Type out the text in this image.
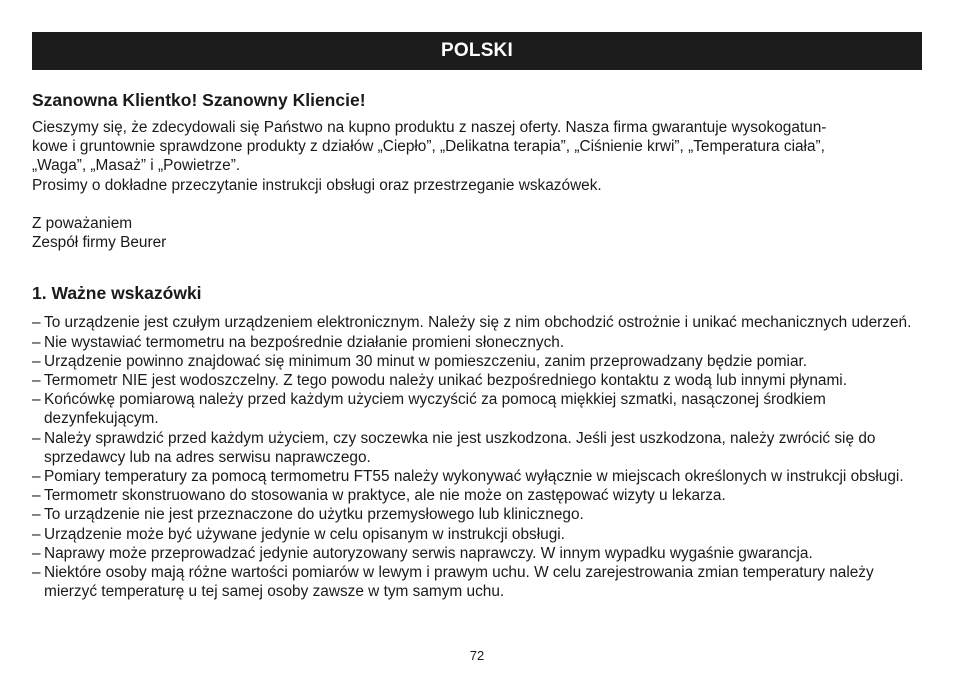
POLSKI
Szanowna Klientko! Szanowny Kliencie!

Cieszymy się, że zdecydowali się Państwo na kupno produktu z naszej oferty. Nasza firma gwarantuje wysokogatun-

kowe i gruntownie sprawdzone produkty z działów „Ciepło”, „Delikatna terapia”, „Ciśnienie krwi”, „Temperatura ciała”,

„Waga”, „Masaż” i „Powietrze”.

Prosimy o dokładne przeczytanie instrukcji obsługi oraz przestrzeganie wskazówek.

Z poważaniem

Zespół firmy Beurer

1. Ważne wskazówki
– To urządzenie jest czułym urządzeniem elektronicznym. Należy się z nim obchodzić ostrożnie i unikać mechanicznych uderzeń.
– Nie wystawiać termometru na bezpośrednie działanie promieni słonecznych.
– Urządzenie powinno znajdować się minimum 30 minut w pomieszczeniu, zanim przeprowadzany będzie pomiar.
– Termometr NIE jest wodoszczelny. Z tego powodu należy unikać bezpośredniego kontaktu z wodą lub innymi płynami.
– Końcówkę pomiarową należy przed każdym użyciem wyczyścić za pomocą miękkiej szmatki, nasączonej środkiem dezynfekującym.
– Należy sprawdzić przed każdym użyciem, czy soczewka nie jest uszkodzona. Jeśli jest uszkodzona, należy zwrócić się do sprzedawcy lub na adres serwisu naprawczego.
– Pomiary temperatury za pomocą termometru FT55 należy wykonywać wyłącznie w miejscach określonych w instrukcji obsługi.
– Termometr skonstruowano do stosowania w praktyce, ale nie może on zastępować wizyty u lekarza.
– To urządzenie nie jest przeznaczone do użytku przemysłowego lub klinicznego.
– Urządzenie może być używane jedynie w celu opisanym w instrukcji obsługi.
– Naprawy może przeprowadzać jedynie autoryzowany serwis naprawczy. W innym wypadku wygaśnie gwarancja.
– Niektóre osoby mają różne wartości pomiarów w lewym i prawym uchu. W celu zarejestrowania zmian temperatury należy mierzyć temperaturę u tej samej osoby zawsze w tym samym uchu.
72
